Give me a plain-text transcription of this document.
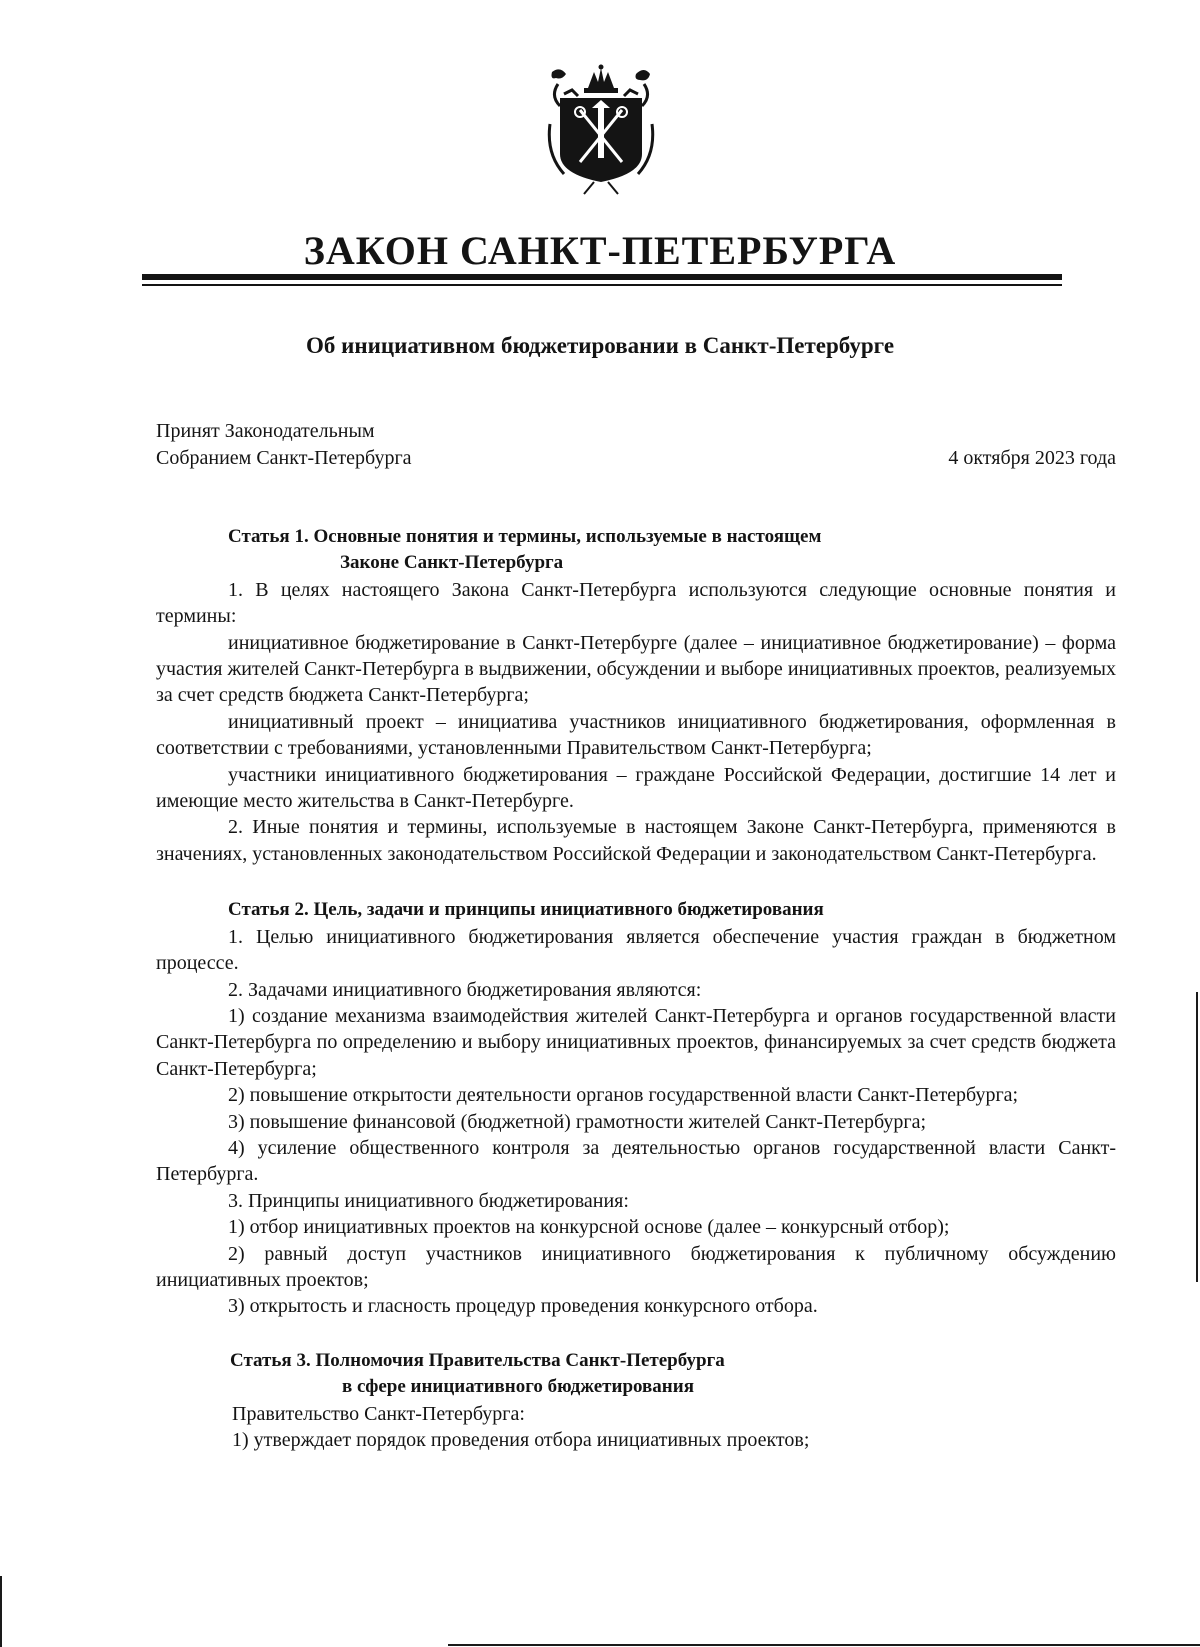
ЗАКОН САНКТ-ПЕТЕРБУРГА
Об инициативном бюджетировании в Санкт-Петербурге
Принят Законодательным
Собранием Санкт-Петербурга	4 октября 2023 года
Статья 1. Основные понятия и термины, используемые в настоящем
Законе Санкт-Петербурга
1. В целях настоящего Закона Санкт-Петербурга используются следующие основные понятия и термины:
инициативное бюджетирование в Санкт-Петербурге (далее – инициативное бюджетирование) – форма участия жителей Санкт-Петербурга в выдвижении, обсуждении и выборе инициативных проектов, реализуемых за счет средств бюджета Санкт-Петербурга;
инициативный проект – инициатива участников инициативного бюджетирования, оформленная в соответствии с требованиями, установленными Правительством Санкт-Петербурга;
участники инициативного бюджетирования – граждане Российской Федерации, достигшие 14 лет и имеющие место жительства в Санкт-Петербурге.
2. Иные понятия и термины, используемые в настоящем Законе Санкт-Петербурга, применяются в значениях, установленных законодательством Российской Федерации и законодательством Санкт-Петербурга.
Статья 2. Цель, задачи и принципы инициативного бюджетирования
1. Целью инициативного бюджетирования является обеспечение участия граждан в бюджетном процессе.
2. Задачами инициативного бюджетирования являются:
1) создание механизма взаимодействия жителей Санкт-Петербурга и органов государственной власти Санкт-Петербурга по определению и выбору инициативных проектов, финансируемых за счет средств бюджета Санкт-Петербурга;
2) повышение открытости деятельности органов государственной власти Санкт-Петербурга;
3) повышение финансовой (бюджетной) грамотности жителей Санкт-Петербурга;
4) усиление общественного контроля за деятельностью органов государственной власти Санкт-Петербурга.
3. Принципы инициативного бюджетирования:
1) отбор инициативных проектов на конкурсной основе (далее – конкурсный отбор);
2) равный доступ участников инициативного бюджетирования к публичному обсуждению инициативных проектов;
3) открытость и гласность процедур проведения конкурсного отбора.
Статья 3. Полномочия Правительства Санкт-Петербурга
в сфере инициативного бюджетирования
Правительство Санкт-Петербурга:
1) утверждает порядок проведения отбора инициативных проектов;
